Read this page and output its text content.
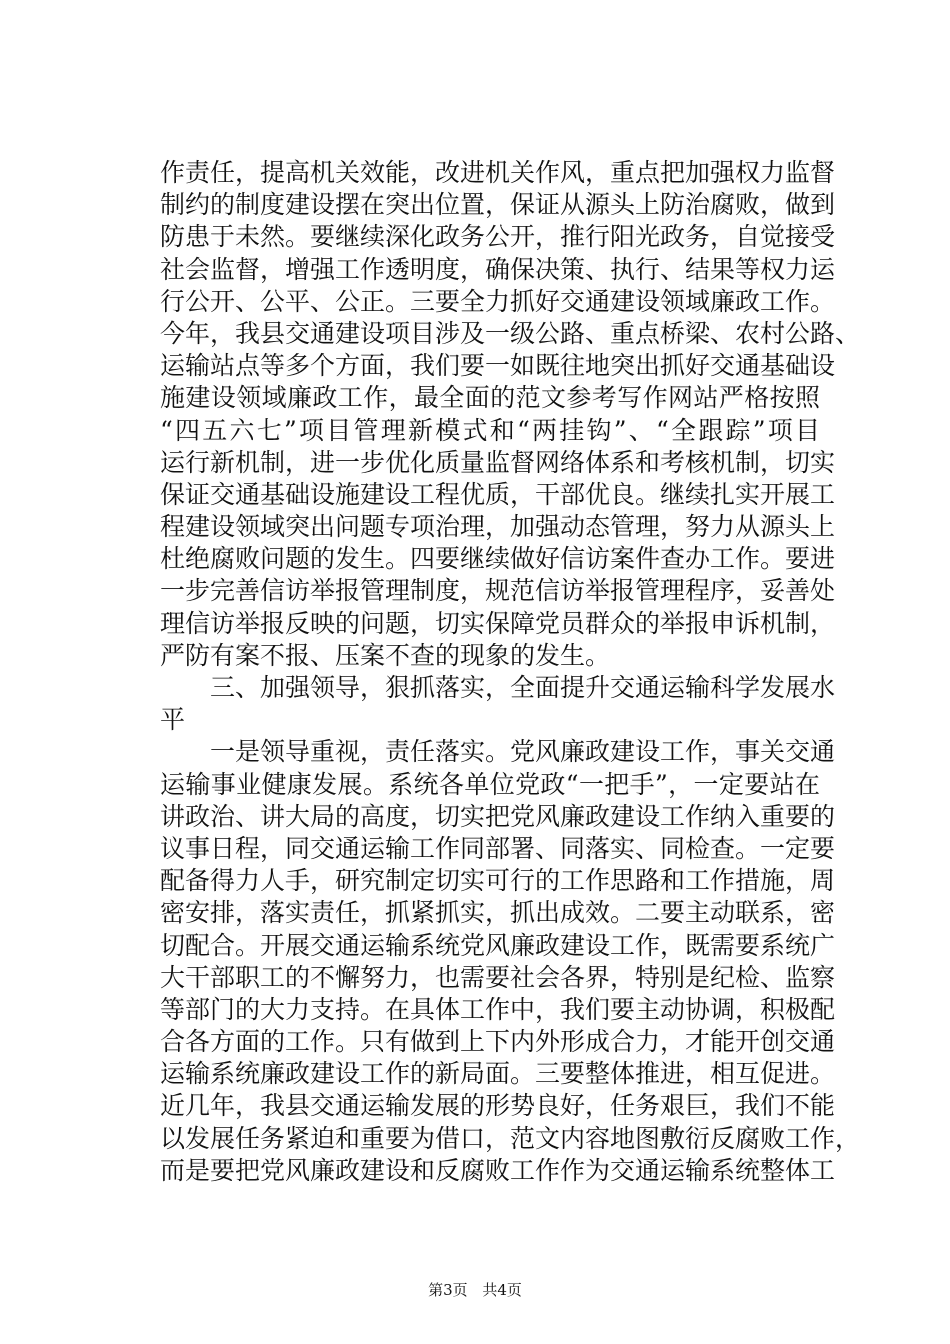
作责任，提高机关效能，改进机关作风，重点把加强权力监督
制约的制度建设摆在突出位置，保证从源头上防治腐败，做到
防患于未然。要继续深化政务公开，推行阳光政务，自觉接受
社会监督，增强工作透明度，确保决策、执行、结果等权力运
行公开、公平、公正。三要全力抓好交通建设领域廉政工作。
今年，我县交通建设项目涉及一级公路、重点桥梁、农村公路、
运输站点等多个方面，我们要一如既往地突出抓好交通基础设
施建设领域廉政工作，最全面的范文参考写作网站严格按照
“四五六七”项目管理新模式和“两挂钩”、“全跟踪”项目
运行新机制，进一步优化质量监督网络体系和考核机制，切实
保证交通基础设施建设工程优质，干部优良。继续扎实开展工
程建设领域突出问题专项治理，加强动态管理，努力从源头上
杜绝腐败问题的发生。四要继续做好信访案件查办工作。要进
一步完善信访举报管理制度，规范信访举报管理程序，妥善处
理信访举报反映的问题，切实保障党员群众的举报申诉机制，
严防有案不报、压案不查的现象的发生。
三、加强领导，狠抓落实，全面提升交通运输科学发展水
平
一是领导重视，责任落实。党风廉政建设工作，事关交通
运输事业健康发展。系统各单位党政“一把手”，一定要站在
讲政治、讲大局的高度，切实把党风廉政建设工作纳入重要的
议事日程，同交通运输工作同部署、同落实、同检查。一定要
配备得力人手，研究制定切实可行的工作思路和工作措施，周
密安排，落实责任，抓紧抓实，抓出成效。二要主动联系，密
切配合。开展交通运输系统党风廉政建设工作，既需要系统广
大干部职工的不懈努力，也需要社会各界，特别是纪检、监察
等部门的大力支持。在具体工作中，我们要主动协调，积极配
合各方面的工作。只有做到上下内外形成合力，才能开创交通
运输系统廉政建设工作的新局面。三要整体推进，相互促进。
近几年，我县交通运输发展的形势良好，任务艰巨，我们不能
以发展任务紧迫和重要为借口，范文内容地图敷衍反腐败工作，
而是要把党风廉政建设和反腐败工作作为交通运输系统整体工
第3页 共4页
